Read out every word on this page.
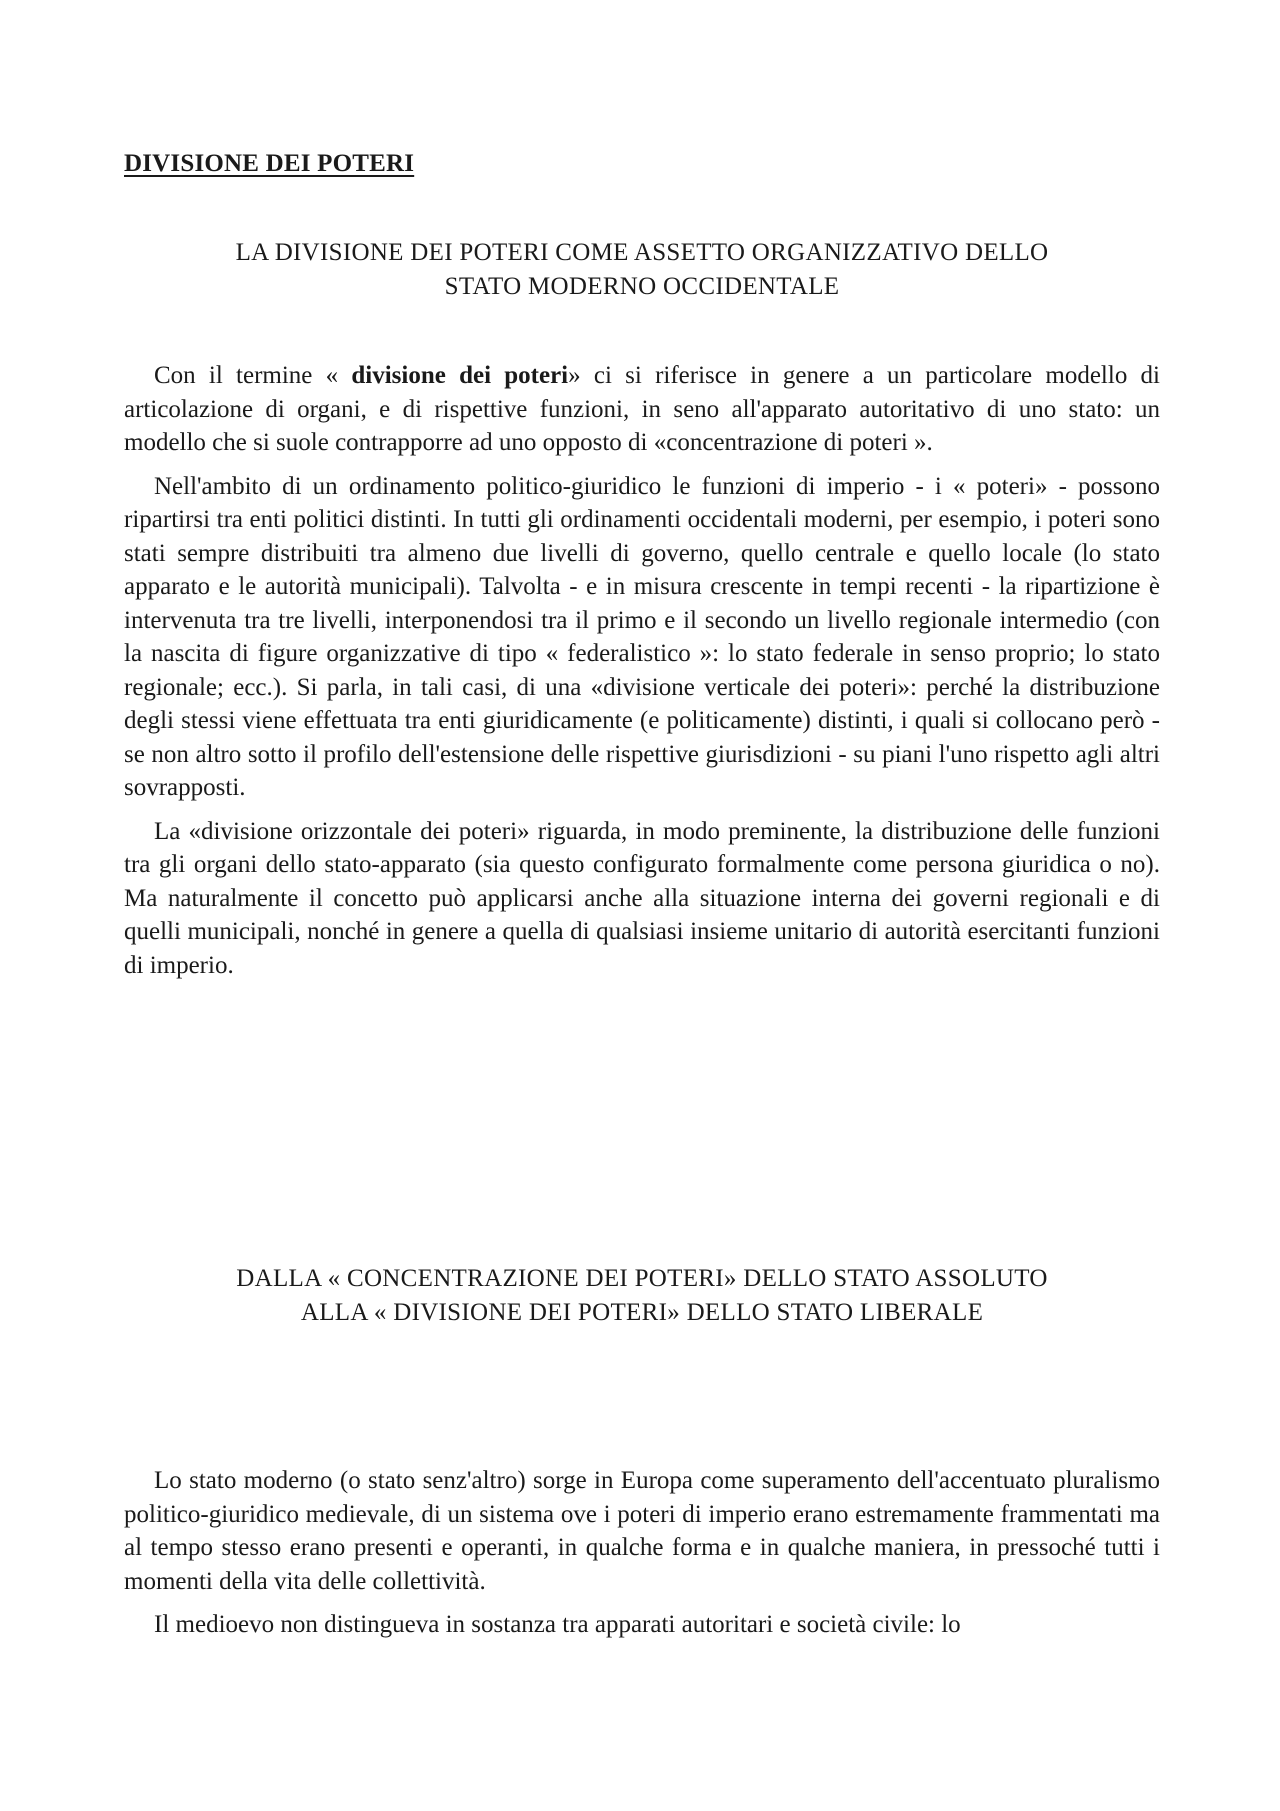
DIVISIONE DEI POTERI
LA DIVISIONE DEI POTERI COME ASSETTO ORGANIZZATIVO DELLO
STATO MODERNO OCCIDENTALE

Con il termine « divisione dei poteri» ci si riferisce in genere a un particolare modello di articolazione di organi, e di rispettive funzioni, in seno all'apparato autoritativo di uno stato: un modello che si suole contrapporre ad uno opposto di «concentrazione di poteri ».

Nell'ambito di un ordinamento politico-giuridico le funzioni di imperio - i « poteri» - possono ripartirsi tra enti politici distinti. In tutti gli ordinamenti occidentali moderni, per esempio, i poteri sono stati sempre distribuiti tra almeno due livelli di governo, quello centrale e quello locale (lo stato apparato e le autorità municipali). Talvolta - e in misura crescente in tempi recenti - la ripartizione è intervenuta tra tre livelli, interponendosi tra il primo e il secondo un livello regionale intermedio (con la nascita di figure organizzative di tipo « federalistico »: lo stato federale in senso proprio; lo stato regionale; ecc.). Si parla, in tali casi, di una «divisione verticale dei poteri»: perché la distribuzione degli stessi viene effettuata tra enti giuridicamente (e politicamente) distinti, i quali si collocano però - se non altro sotto il profilo dell'estensione delle rispettive giurisdizioni - su piani l'uno rispetto agli altri sovrapposti.

La «divisione orizzontale dei poteri» riguarda, in modo preminente, la distribuzione delle funzioni tra gli organi dello stato-apparato (sia questo configurato formalmente come persona giuridica o no). Ma naturalmente il concetto può applicarsi anche alla situazione interna dei governi regionali e di quelli municipali, nonché in genere a quella di qualsiasi insieme unitario di autorità esercitanti funzioni di imperio.

DALLA « CONCENTRAZIONE DEI POTERI» DELLO STATO ASSOLUTO
ALLA « DIVISIONE DEI POTERI» DELLO STATO LIBERALE

Lo stato moderno (o stato senz'altro) sorge in Europa come superamento dell'accentuato pluralismo politico-giuridico medievale, di un sistema ove i poteri di imperio erano estremamente frammentati ma al tempo stesso erano presenti e operanti, in qualche forma e in qualche maniera, in pressoché tutti i momenti della vita delle collettività.

Il medioevo non distingueva in sostanza tra apparati autoritari e società civile: lo
